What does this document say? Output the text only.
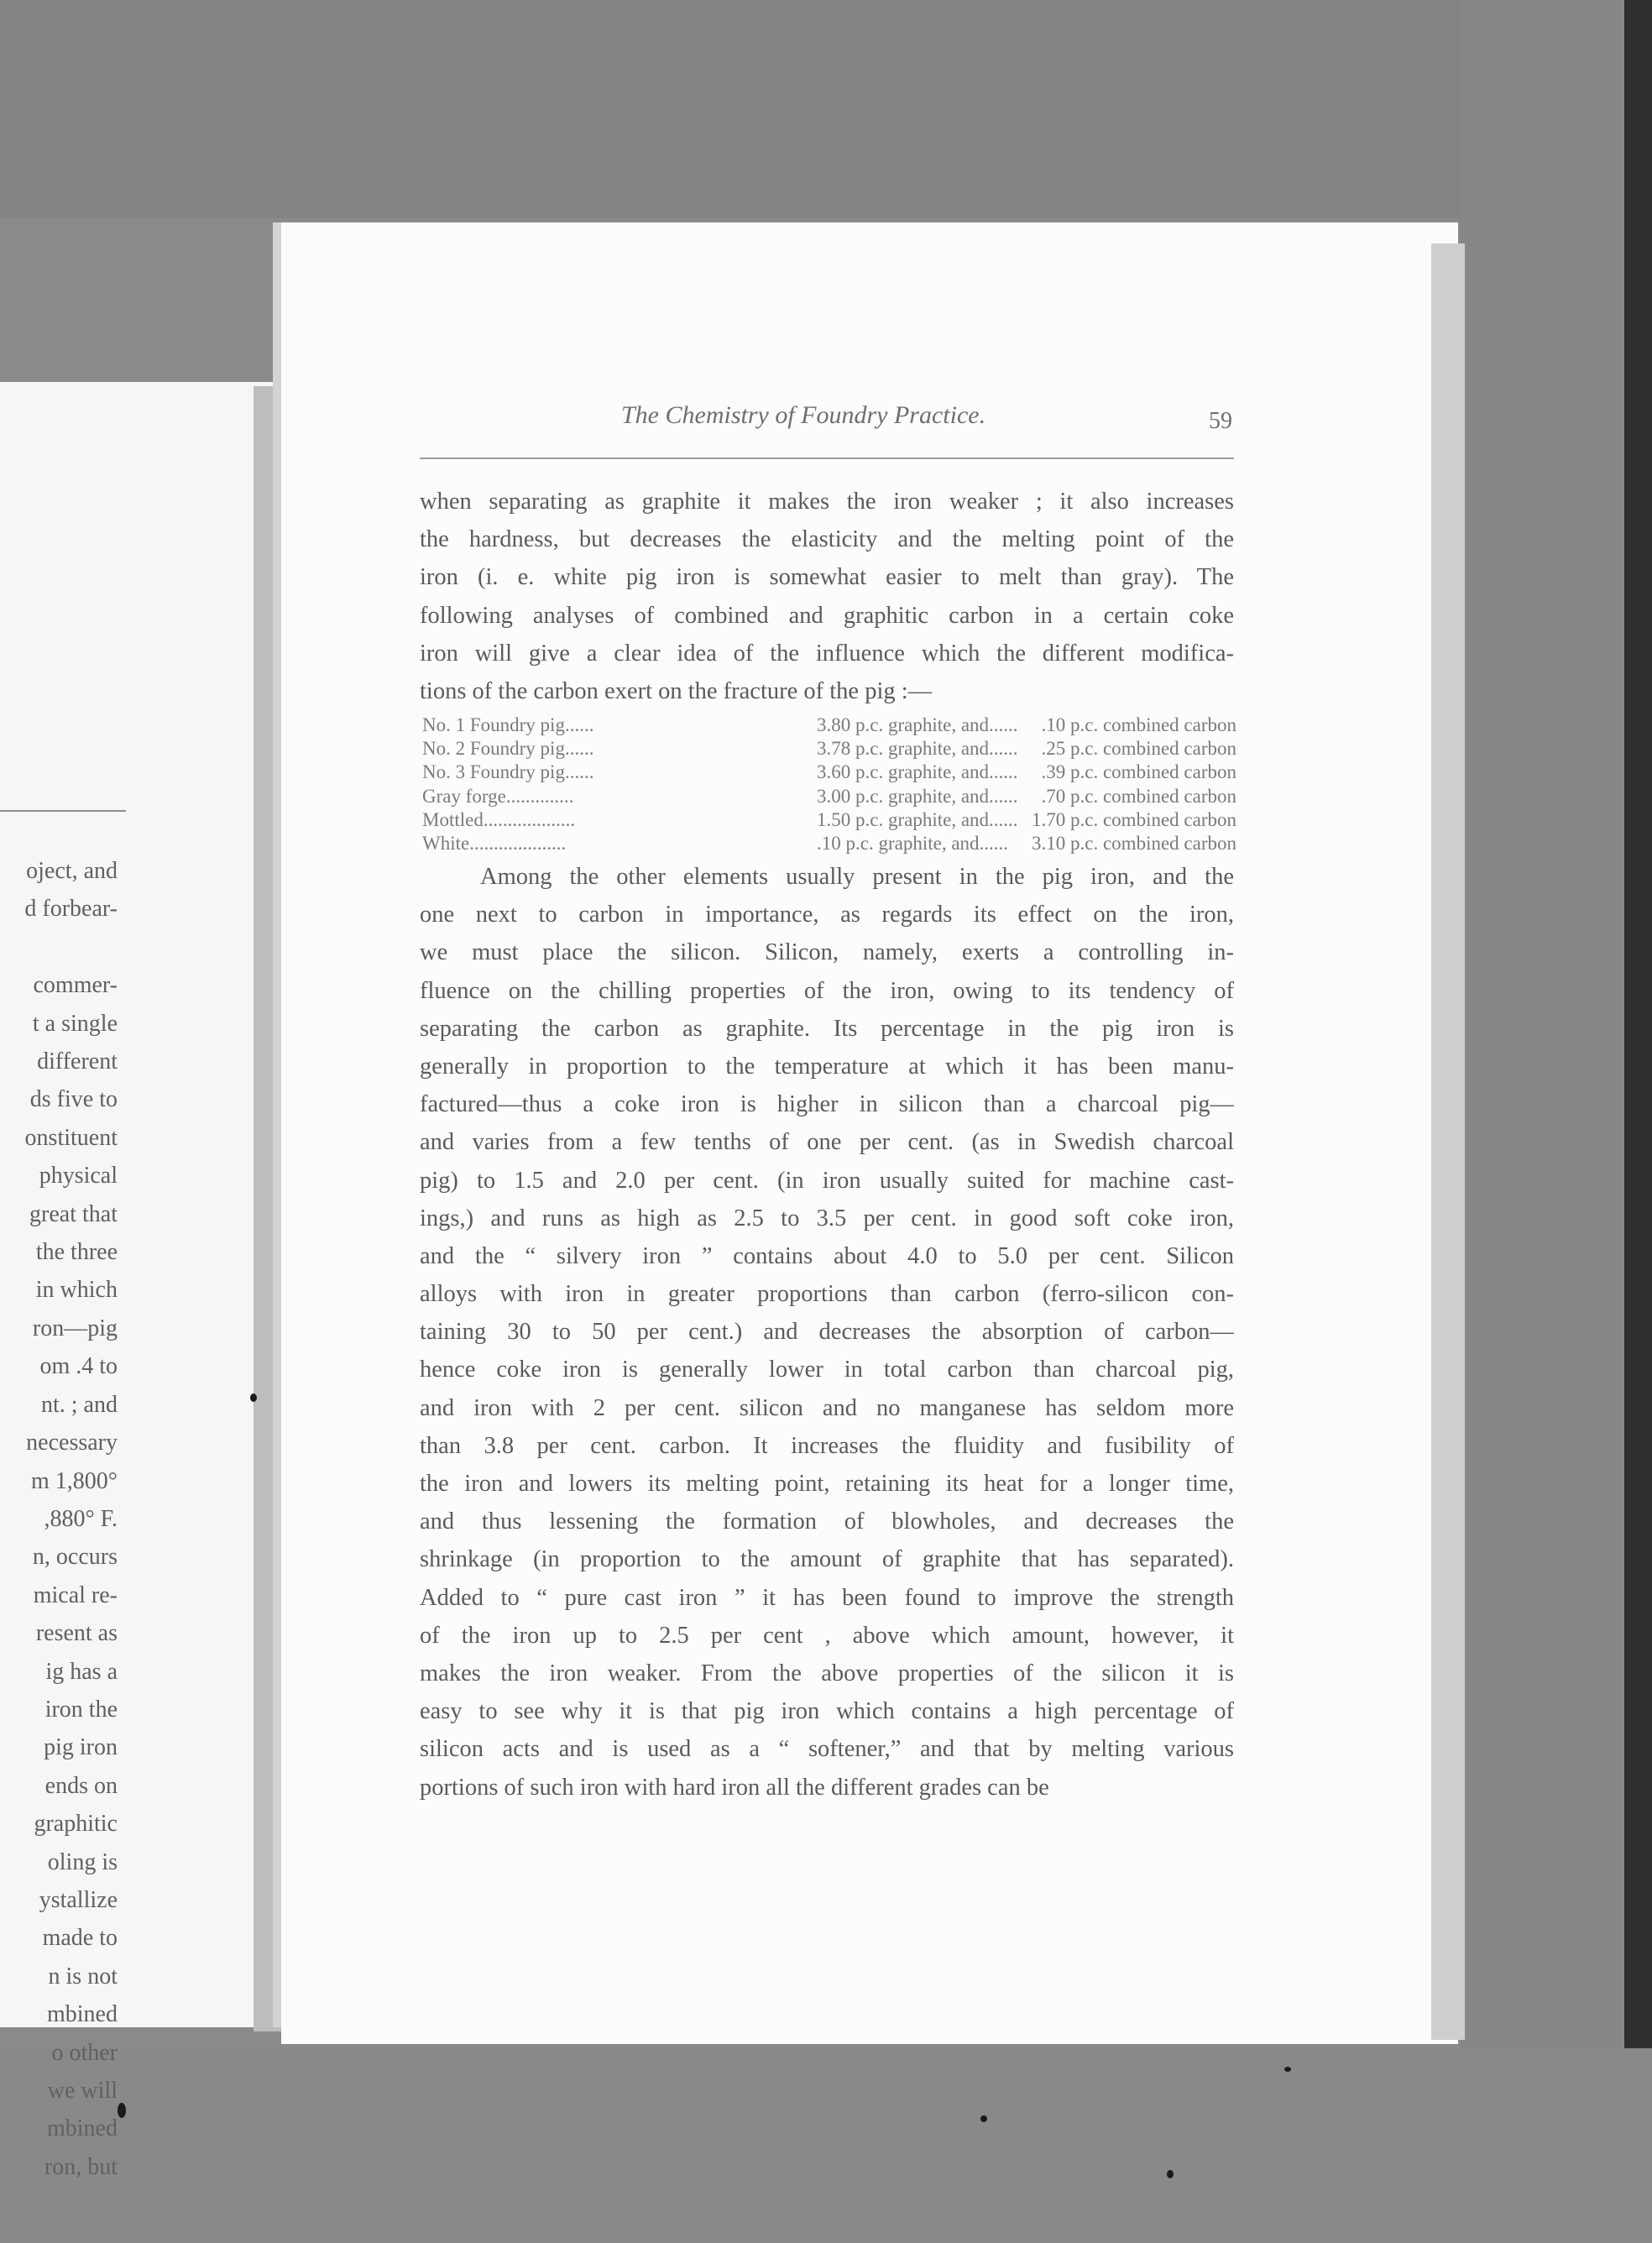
oject, and
d forbear-

commer-
t a single
different
ds five to
onstituent
physical
great that
the three
in which
ron—pig
om .4 to
nt. ; and
necessary
m 1,800°
,880° F.
n, occurs
mical re-
resent as
ig has a
iron the
pig iron
ends on
graphitic
oling is
ystallize
made to
n is not
mbined
o other
we will
mbined
ron, but
The Chemistry of Foundry Practice.	59
when separating as graphite it makes the iron weaker ; it also increases
the hardness, but decreases the elasticity and the melting point of the
iron (i. e. white pig iron is somewhat easier to melt than gray). The
following analyses of combined and graphitic carbon in a certain coke
iron will give a clear idea of the influence which the different modifica-
tions of the carbon exert on the fracture of the pig :—
No. 1 Foundry pig......	3.80 p.c. graphite, and......	.10 p.c. combined carbon
No. 2 Foundry pig......	3.78 p.c. graphite, and......	.25 p.c. combined carbon
No. 3 Foundry pig......	3.60 p.c. graphite, and......	.39 p.c. combined carbon
Gray forge..............	3.00 p.c. graphite, and......	.70 p.c. combined carbon
Mottled...................	1.50 p.c. graphite, and...... 1.70 p.c. combined carbon
White....................	.10 p.c. graphite, and......	3.10 p.c. combined carbon
Among the other elements usually present in the pig iron, and the
one next to carbon in importance, as regards its effect on the iron,
we must place the silicon. Silicon, namely, exerts a controlling in-
fluence on the chilling properties of the iron, owing to its tendency of
separating the carbon as graphite. Its percentage in the pig iron is
generally in proportion to the temperature at which it has been manu-
factured—thus a coke iron is higher in silicon than a charcoal pig—
and varies from a few tenths of one per cent. (as in Swedish charcoal
pig) to 1.5 and 2.0 per cent. (in iron usually suited for machine cast-
ings,) and runs as high as 2.5 to 3.5 per cent. in good soft coke iron,
and the “ silvery iron ” contains about 4.0 to 5.0 per cent. Silicon
alloys with iron in greater proportions than carbon (ferro-silicon con-
taining 30 to 50 per cent.) and decreases the absorption of carbon—
hence coke iron is generally lower in total carbon than charcoal pig,
and iron with 2 per cent. silicon and no manganese has seldom more
than 3.8 per cent. carbon. It increases the fluidity and fusibility of
the iron and lowers its melting point, retaining its heat for a longer time,
and thus lessening the formation of blowholes, and decreases the
shrinkage (in proportion to the amount of graphite that has separated).
Added to “ pure cast iron ” it has been found to improve the strength
of the iron up to 2.5 per cent , above which amount, however, it
makes the iron weaker. From the above properties of the silicon it is
easy to see why it is that pig iron which contains a high percentage of
silicon acts and is used as a “ softener,” and that by melting various
portions of such iron with hard iron all the different grades can be
